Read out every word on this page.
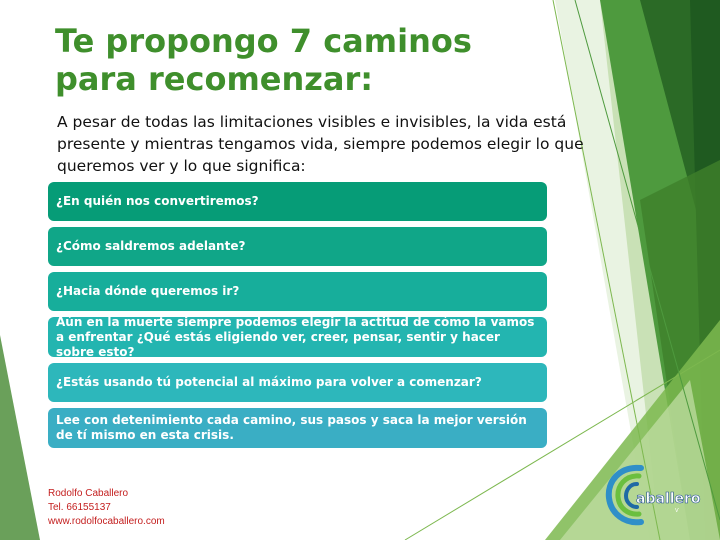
Te propongo 7 caminos para recomenzar:

A pesar de todas las limitaciones visibles e invisibles, la vida está presente y mientras tengamos vida, siempre podemos elegir lo que queremos ver y lo que significa:

¿En quién nos convertiremos?
¿Cómo saldremos adelante?
¿Hacia dónde queremos ir?
Aún en la muerte siempre podemos elegir la actitud de cómo la vamos a enfrentar ¿Qué estás eligiendo ver, creer, pensar, sentir y hacer sobre esto?
¿Estás usando tú potencial al máximo para volver a comenzar?
Lee con detenimiento cada camino, sus pasos y saca la mejor versión de tí mismo en esta crisis.
Rodolfo Caballero
Tel. 66155137
www.rodolfocaballero.com
aballero
Ѵ
